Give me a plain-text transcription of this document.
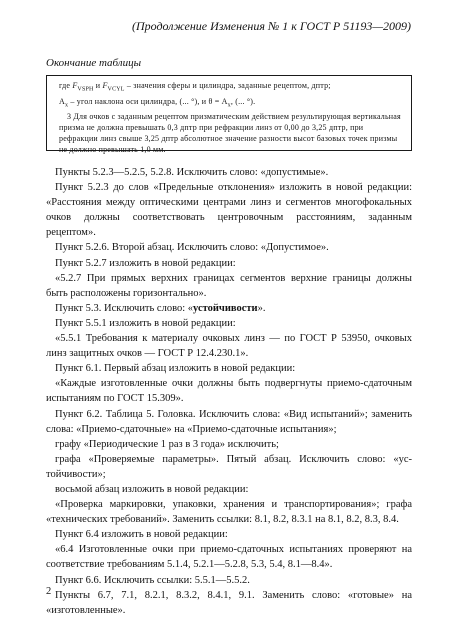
(Продолжение Изменения № 1 к ГОСТ Р 51193—2009)
Окончание таблицы

где $F_{VSPH}$ и $F_{VCYL}$ – значения сферы и цилиндра, заданные рецептом, дптр;

$A_x$ – угол наклона оси цилиндра, (... °), и $\theta = A_x$, (... °).

3 Для очков с заданным рецептом призматическим действием результирующая вертикальная призма не должна превышать 0,3 дптр при рефракции линз от 0,00 до 3,25 дптр, при рефракции линз свыше 3,25 дптр абсолютное значение разности высот базовых точек призмы не должно превышать 1,0 мм.

Пункты 5.2.3—5.2.5, 5.2.8. Исключить слово: «допустимые».

Пункт 5.2.3 до слов «Предельные отклонения» изложить в новой редакции: «Расстояния между оптическими центрами линз и сегментов многофокальных очков должны соответствовать центровочным расстояниям, заданным рецептом».

Пункт 5.2.6. Второй абзац. Исключить слово: «Допустимое».

Пункт 5.2.7 изложить в новой редакции:

«5.2.7 При прямых верхних границах сегментов верхние границы должны быть расположены горизонтально».

Пункт 5.3. Исключить слово: «устойчивости».

Пункт 5.5.1 изложить в новой редакции:

«5.5.1 Требования к материалу очковых линз — по ГОСТ Р 53950, очковых линз защитных очков — ГОСТ Р 12.4.230.1».

Пункт 6.1. Первый абзац изложить в новой редакции:

«Каждые изготовленные очки должны быть подвергнуты приемо-сдаточным испытаниям по ГОСТ 15.309».

Пункт 6.2. Таблица 5. Головка. Исключить слова: «Вид испытаний»; заменить слова: «Приемо-сдаточные» на «Приемо-сдаточные испытания»;

графу «Периодические 1 раз в 3 года» исключить;

графа «Проверяемые параметры». Пятый абзац. Исключить слово: «устойчивости»;

восьмой абзац изложить в новой редакции:

«Проверка маркировки, упаковки, хранения и транспортирования»; графа «технических требований». Заменить ссылки: 8.1, 8.2, 8.3.1 на 8.1, 8.2, 8.3, 8.4.

Пункт 6.4 изложить в новой редакции:

«6.4 Изготовленные очки при приемо-сдаточных испытаниях проверяют на соответствие требованиям 5.1.4, 5.2.1—5.2.8, 5.3, 5.4, 8.1—8.4».

Пункт 6.6. Исключить ссылки: 5.5.1—5.5.2.

Пункты 6.7, 7.1, 8.2.1, 8.3.2, 8.4.1, 9.1. Заменить слово: «готовые» на «изготовленные».

2
